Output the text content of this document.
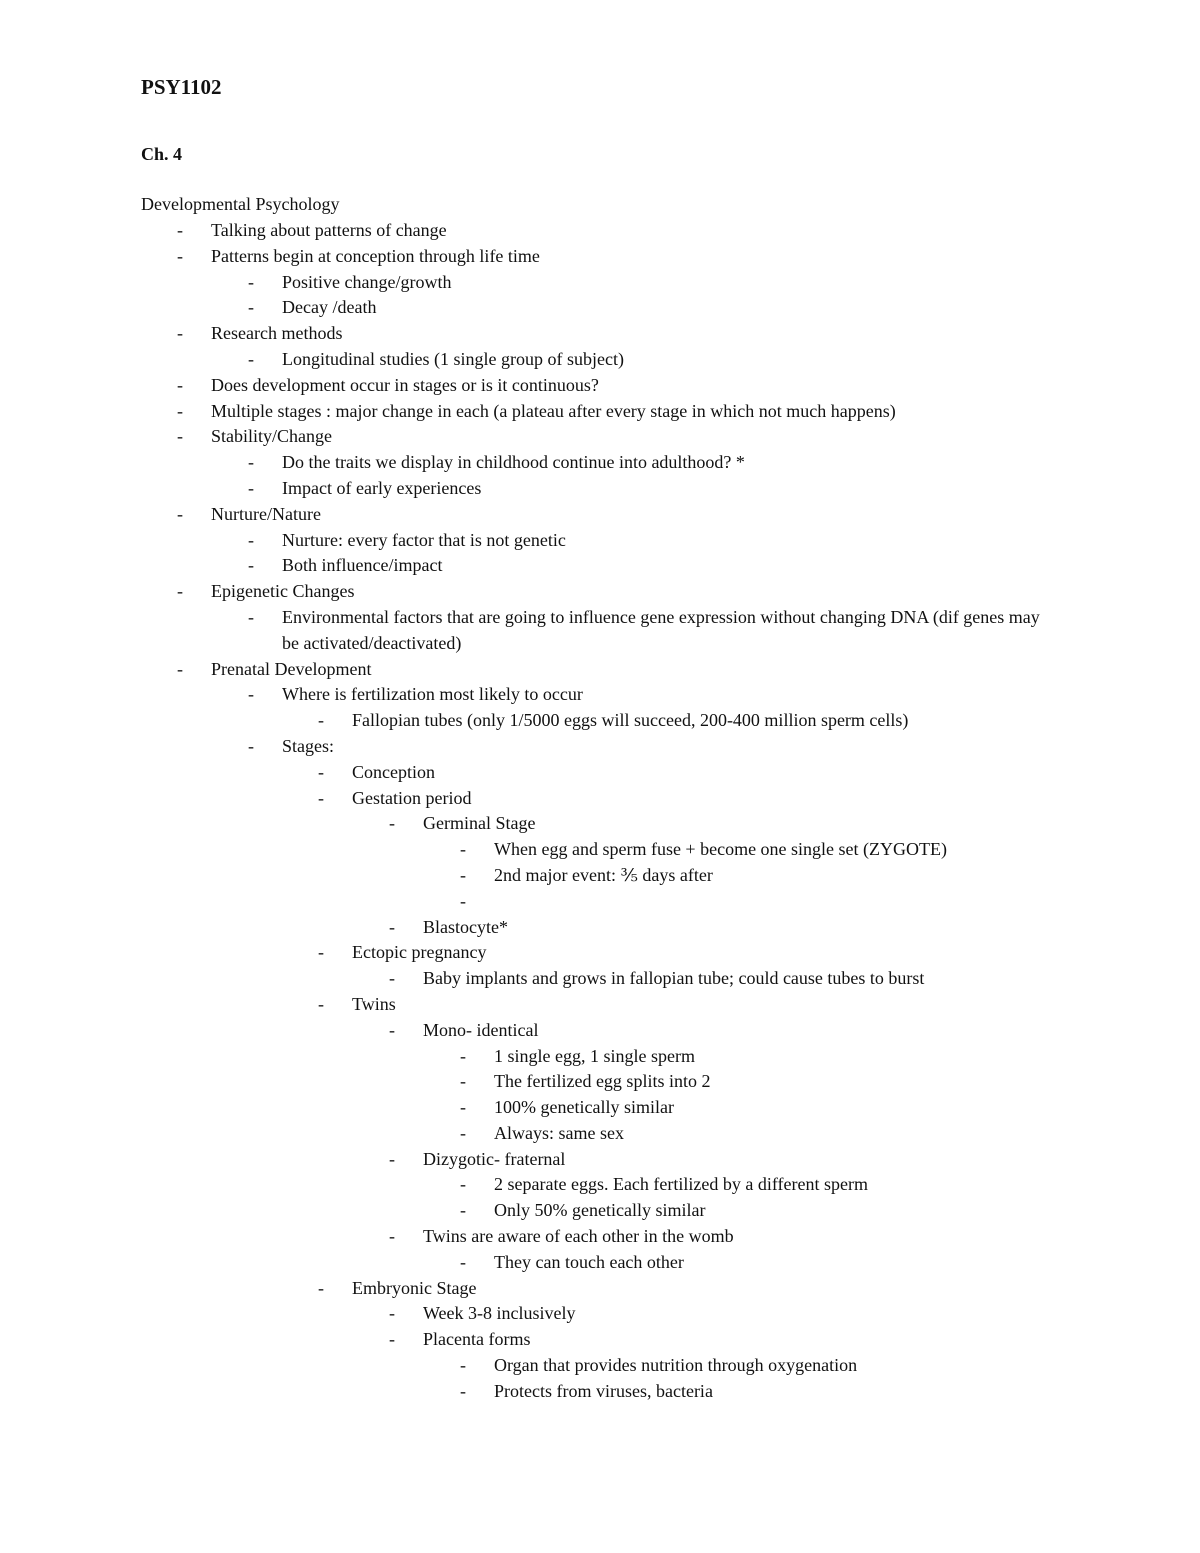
PSY1102
Ch. 4

Developmental Psychology

-	Talking about patterns of change
-	Patterns begin at conception through life time
-	Positive change/growth
-	Decay /death
-	Research methods
-	Longitudinal studies (1 single group of subject)
-	Does development occur in stages or is it continuous?
-	Multiple stages : major change in each (a plateau after every stage in which not much happens)
-	Stability/Change
-	Do the traits we display in childhood continue into adulthood? *
-	Impact of early experiences
-	Nurture/Nature
-	Nurture: every factor that is not genetic
-	Both influence/impact
-	Epigenetic Changes
-	Environmental factors that are going to influence gene expression without changing DNA (dif genes may be activated/deactivated)
-	Prenatal Development
-	Where is fertilization most likely to occur
-	Fallopian tubes (only 1/5000 eggs will succeed, 200-400 million sperm cells)
-	Stages:
-	Conception
-	Gestation period
-	Germinal Stage
-	When egg and sperm fuse + become one single set (ZYGOTE)
-	2nd major event: ⅗ days after
-

-	Blastocyte*
-	Ectopic pregnancy
-	Baby implants and grows in fallopian tube; could cause tubes to burst
-	Twins
-	Mono- identical
-	1 single egg, 1 single sperm
-	The fertilized egg splits into 2
-	100% genetically similar
-	Always: same sex
-	Dizygotic- fraternal
-	2 separate eggs. Each fertilized by a different sperm
-	Only 50% genetically similar
-	Twins are aware of each other in the womb
-	They can touch each other
-	Embryonic Stage
-	Week 3-8 inclusively
-	Placenta forms
-	Organ that provides nutrition through oxygenation
-	Protects from viruses, bacteria
